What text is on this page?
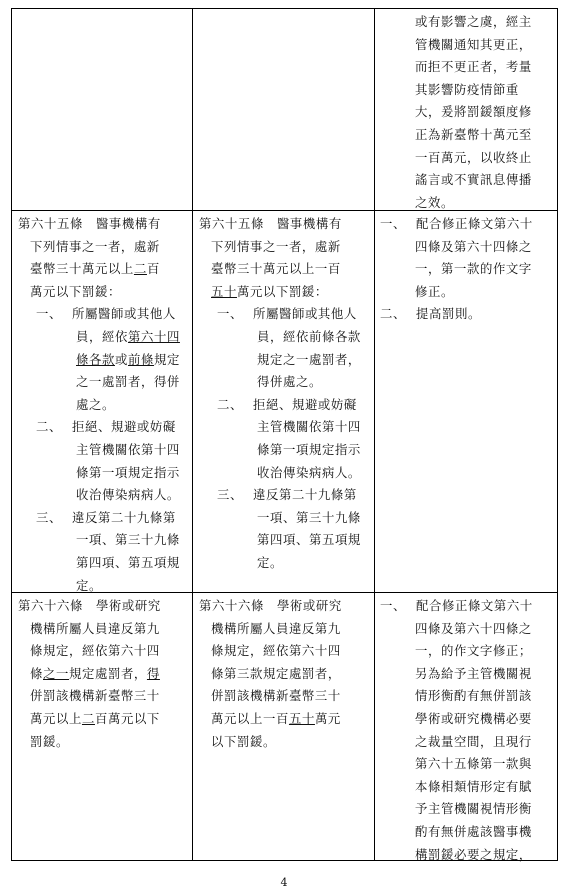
或有影響之虞，經主
管機關通知其更正，
而拒不更正者，考量
其影響防疫情節重
大，爰將罰鍰額度修
正為新臺幣十萬元至
一百萬元，以收終止
謠言或不實訊息傳播
之效。
第六十五條　醫事機構有
下列情事之一者，處新
臺幣三十萬元以上二百
萬元以下罰鍰：
一、 所屬醫師或其他人
員，經依第六十四
條各款或前條規定
之一處罰者，得併
處之。
二、 拒絕、規避或妨礙
主管機關依第十四
條第一項規定指示
收治傳染病病人。
三、 違反第二十九條第
一項、第三十九條
第四項、第五項規
定。
第六十五條　醫事機構有
下列情事之一者，處新
臺幣三十萬元以上一百
五十萬元以下罰鍰：
一、 所屬醫師或其他人
員，經依前條各款
規定之一處罰者，
得併處之。
二、 拒絕、規避或妨礙
主管機關依第十四
條第一項規定指示
收治傳染病病人。
三、 違反第二十九條第
一項、第三十九條
第四項、第五項規
定。
一、 配合修正條文第六十
四條及第六十四條之
一，第一款的作文字
修正。
二、 提高罰則。
第六十六條　學術或研究
機構所屬人員違反第九
條規定，經依第六十四
條之一規定處罰者，得
併罰該機構新臺幣三十
萬元以上二百萬元以下
罰鍰。
第六十六條　學術或研究
機構所屬人員違反第九
條規定，經依第六十四
條第三款規定處罰者，
併罰該機構新臺幣三十
萬元以上一百五十萬元
以下罰鍰。
一、 配合修正條文第六十
四條及第六十四條之
一，的作文字修正；
另為給予主管機關視
情形衡酌有無併罰該
學術或研究機構必要
之裁量空間，且現行
第六十五條第一款與
本條相類情形定有賦
予主管機關視情形衡
酌有無併處該醫事機
構罰鍰必要之規定，
4
